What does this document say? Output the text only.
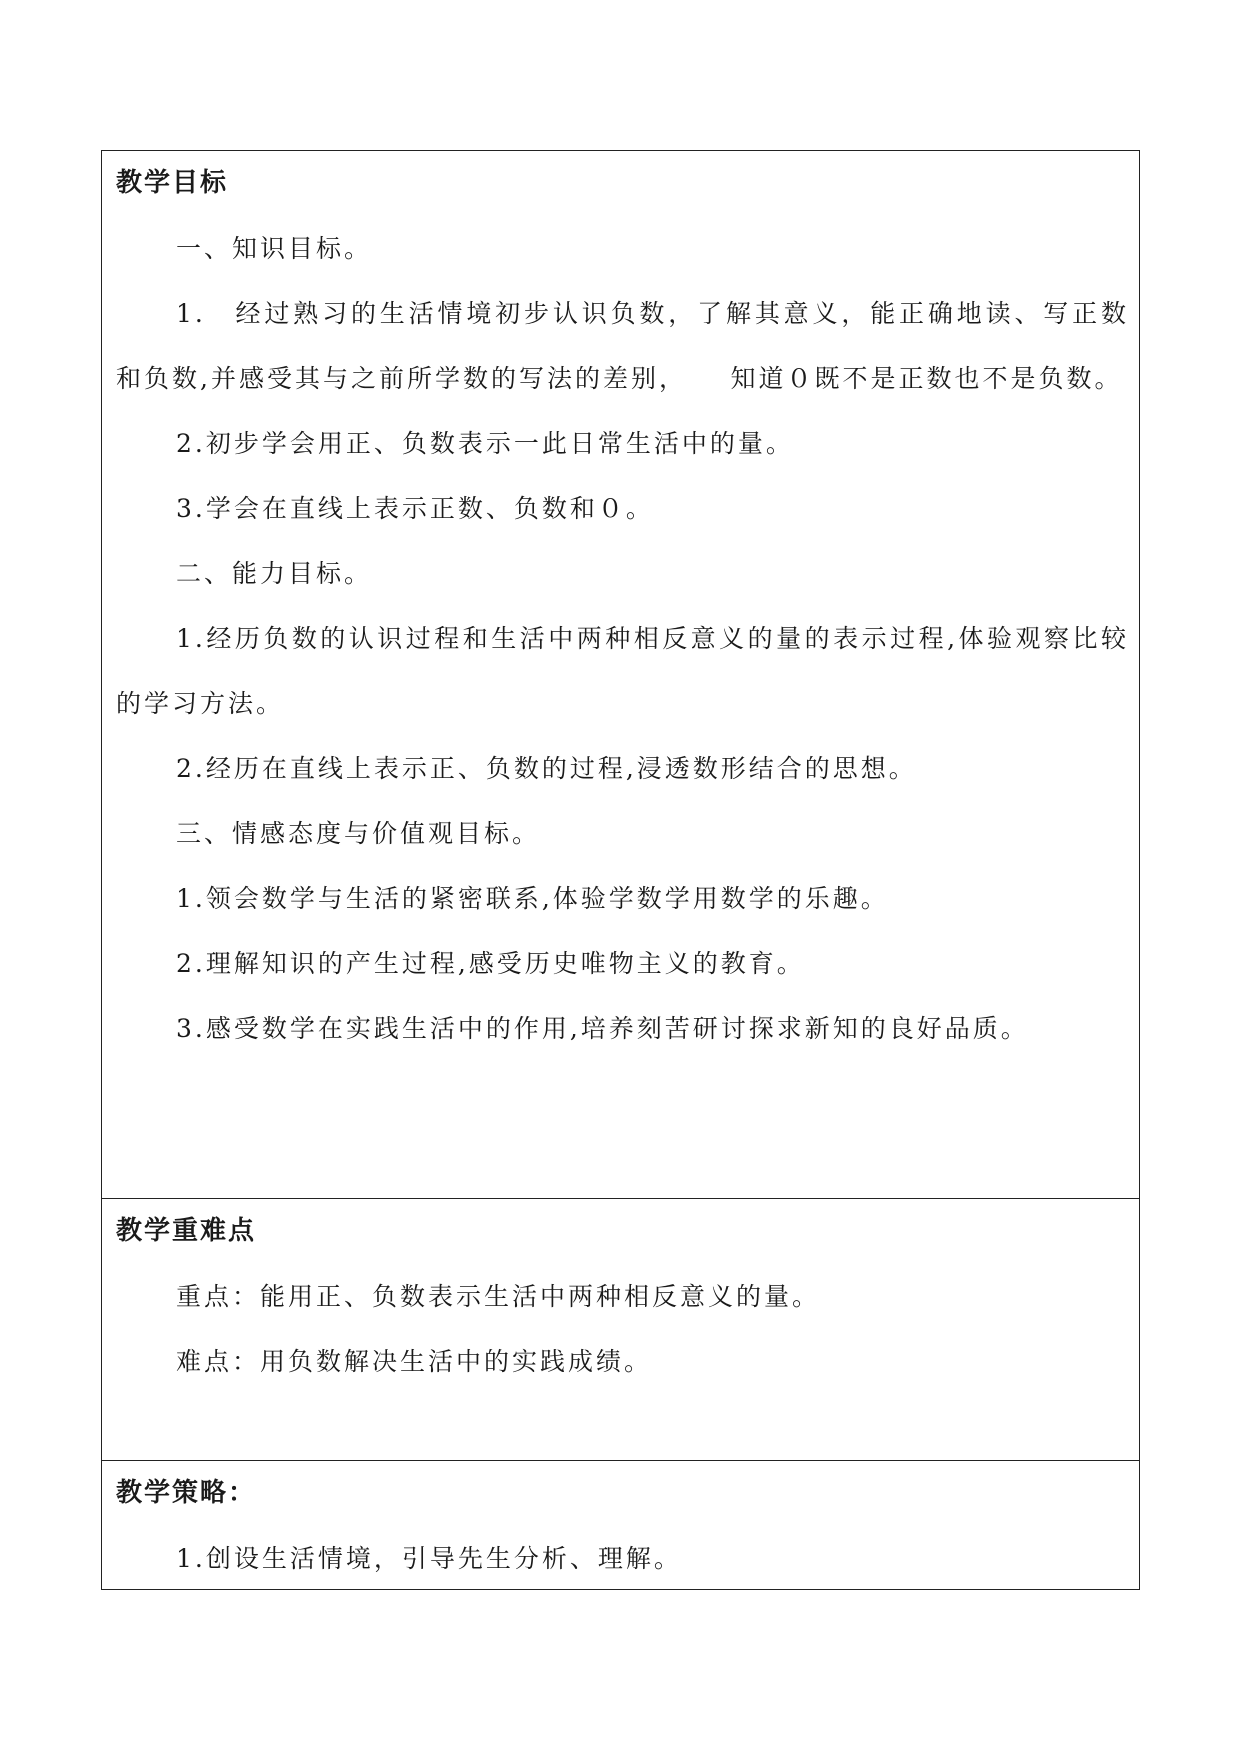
教学目标

一、知识目标。

1.　经过熟习的生活情境初步认识负数，了解其意义，能正确地读、写正数和负数,并感受其与之前所学数的写法的差别，　　知道０既不是正数也不是负数。

2.初步学会用正、负数表示一此日常生活中的量。

3.学会在直线上表示正数、负数和０。

二、能力目标。

1.经历负数的认识过程和生活中两种相反意义的量的表示过程,体验观察比较的学习方法。

2.经历在直线上表示正、负数的过程,浸透数形结合的思想。

三、情感态度与价值观目标。

1.领会数学与生活的紧密联系,体验学数学用数学的乐趣。

2.理解知识的产生过程,感受历史唯物主义的教育。

3.感受数学在实践生活中的作用,培养刻苦研讨探求新知的良好品质。

教学重难点

重点：能用正、负数表示生活中两种相反意义的量。

难点：用负数解决生活中的实践成绩。

教学策略：

1.创设生活情境，引导先生分析、理解。
